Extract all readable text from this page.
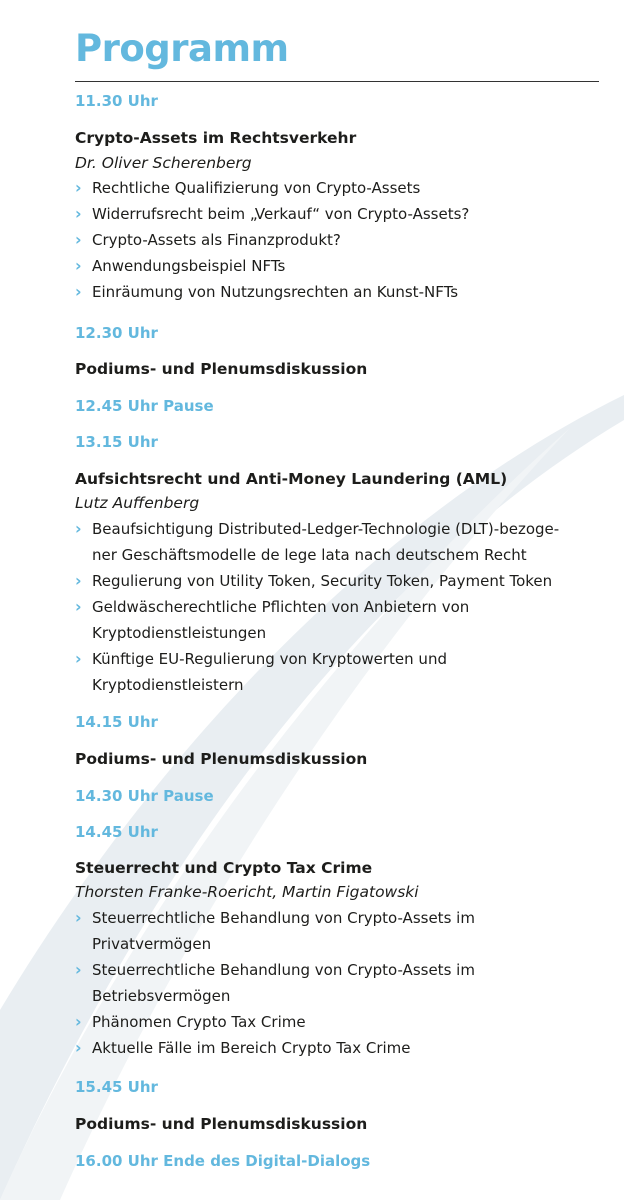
Programm
11.30 Uhr
Crypto-Assets im Rechtsverkehr
Dr. Oliver Scherenberg
› Rechtliche Qualifizierung von Crypto-Assets
› Widerrufsrecht beim „Verkauf“ von Crypto-Assets?
› Crypto-Assets als Finanzprodukt?
› Anwendungsbeispiel NFTs
› Einräumung von Nutzungsrechten an Kunst-NFTs
12.30 Uhr
Podiums- und Plenumsdiskussion
12.45 Uhr Pause
13.15 Uhr
Aufsichtsrecht und Anti-Money Laundering (AML)
Lutz Auffenberg
› Beaufsichtigung Distributed-Ledger-Technologie (DLT)-bezoge-
ner Geschäftsmodelle de lege lata nach deutschem Recht
› Regulierung von Utility Token, Security Token, Payment Token
› Geldwäscherechtliche Pflichten von Anbietern von
Kryptodienstleistungen
› Künftige EU-Regulierung von Kryptowerten und
Kryptodienstleistern
14.15 Uhr
Podiums- und Plenumsdiskussion
14.30 Uhr Pause
14.45 Uhr
Steuerrecht und Crypto Tax Crime
Thorsten Franke-Roericht, Martin Figatowski
› Steuerrechtliche Behandlung von Crypto-Assets im
Privatvermögen
› Steuerrechtliche Behandlung von Crypto-Assets im
Betriebsvermögen
› Phänomen Crypto Tax Crime
› Aktuelle Fälle im Bereich Crypto Tax Crime
15.45 Uhr
Podiums- und Plenumsdiskussion
16.00 Uhr Ende des Digital-Dialogs
